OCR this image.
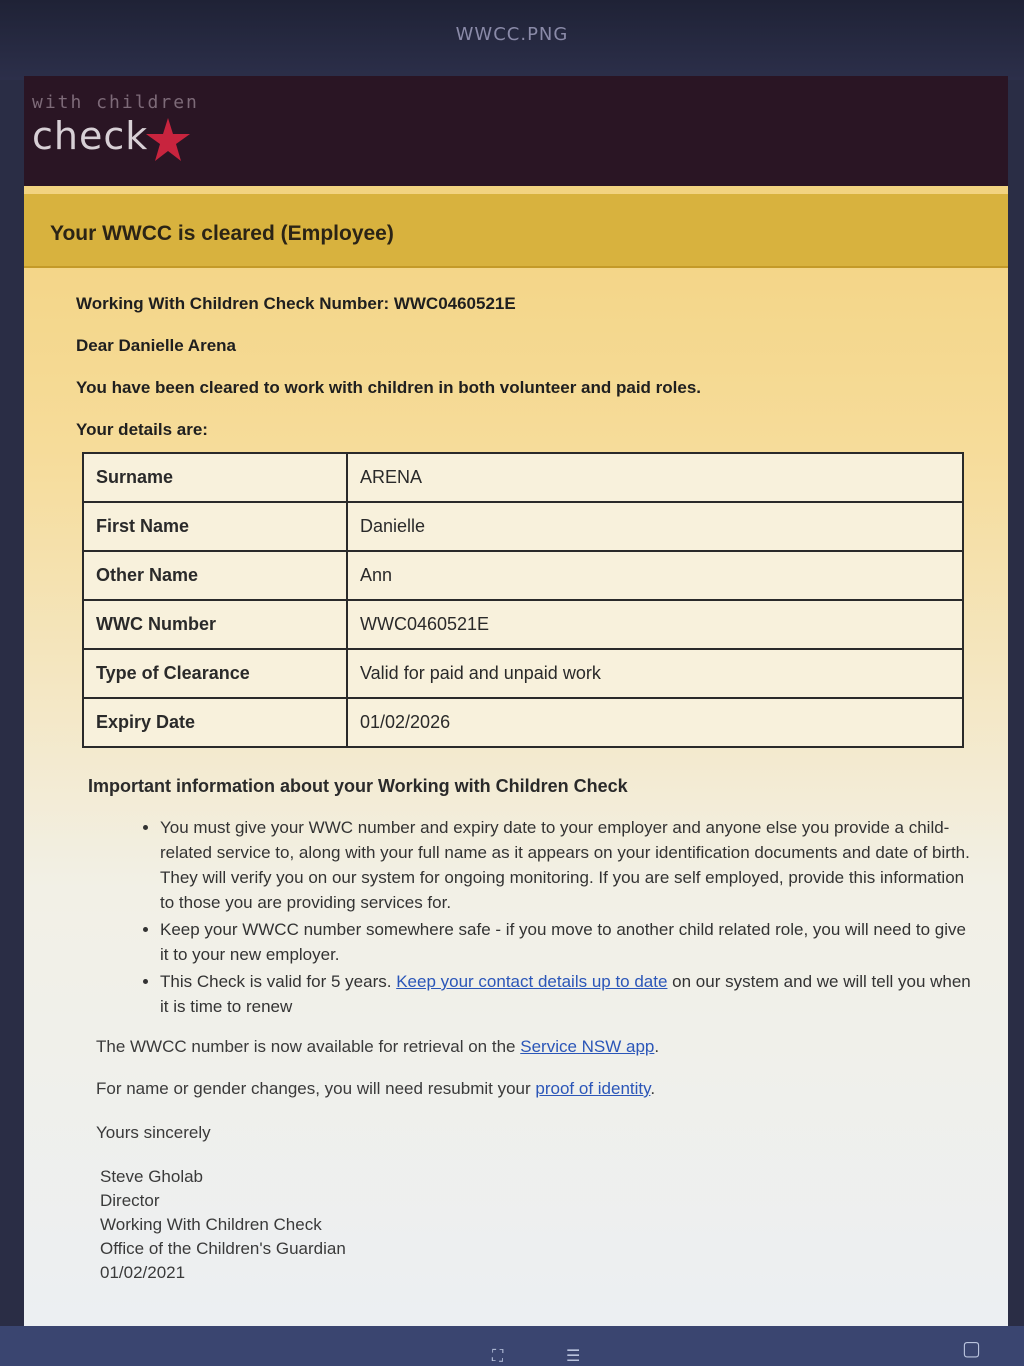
WWCC.PNG
with children
check
Your WWCC is cleared (Employee)
Working With Children Check Number: WWC0460521E
Dear Danielle Arena
You have been cleared to work with children in both volunteer and paid roles.
Your details are:
Surname	ARENA
First Name	Danielle
Other Name	Ann
WWC Number	WWC0460521E
Type of Clearance	Valid for paid and unpaid work
Expiry Date	01/02/2026
Important information about your Working with Children Check
• You must give your WWC number and expiry date to your employer and anyone else you provide a child-related service to, along with your full name as it appears on your identification documents and date of birth. They will verify you on our system for ongoing monitoring. If you are self employed, provide this information to those you are providing services for.
• Keep your WWCC number somewhere safe - if you move to another child related role, you will need to give it to your new employer.
• This Check is valid for 5 years. Keep your contact details up to date on our system and we will tell you when it is time to renew
The WWCC number is now available for retrieval on the Service NSW app.
For name or gender changes, you will need resubmit your proof of identity.
Yours sincerely
Steve Gholab
Director
Working With Children Check
Office of the Children's Guardian
01/02/2021
⛶	☰	▢
